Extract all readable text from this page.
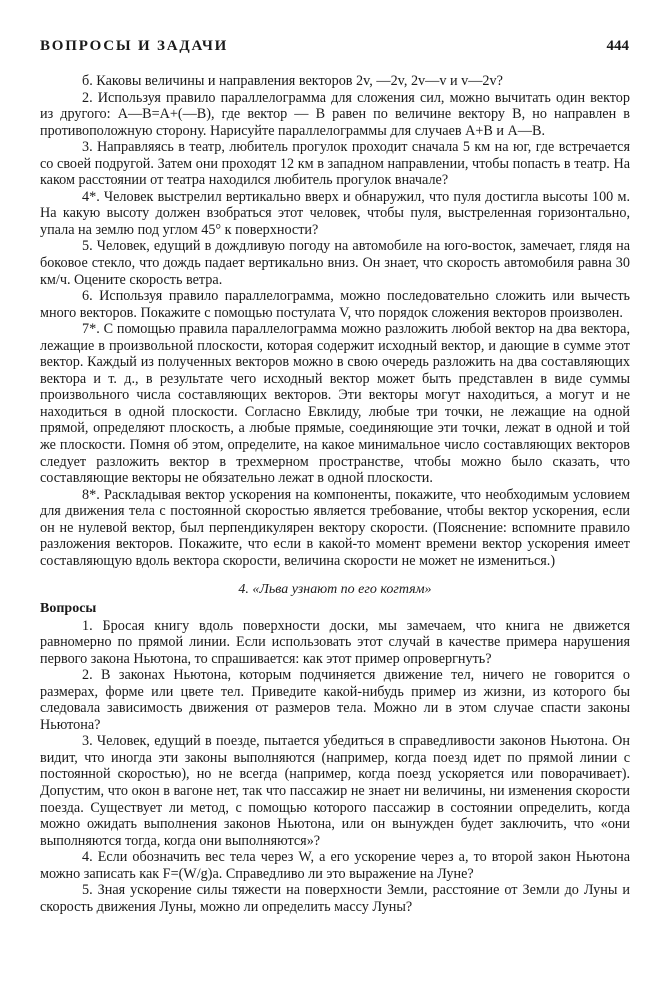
ВОПРОСЫ И ЗАДАЧИ	444

б. Каковы величины и направления векторов 2v, —2v, 2v—v и v—2v?

2. Используя правило параллелограмма для сложения сил, можно вычитать один вектор из другого: A—B=A+(—B), где вектор — B равен по величине вектору B, но направлен в противоположную сторону. Нарисуйте параллелограммы для случаев A+B и A—B.

3. Направляясь в театр, любитель прогулок проходит сначала 5 км на юг, где встречается со своей подругой. Затем они проходят 12 км в западном направлении, чтобы попасть в театр. На каком расстоянии от театра находился любитель прогулок вначале?

4*. Человек выстрелил вертикально вверх и обнаружил, что пуля достигла высоты 100 м. На какую высоту должен взобраться этот человек, чтобы пуля, выстреленная горизонтально, упала на землю под углом 45° к поверхности?

5. Человек, едущий в дождливую погоду на автомобиле на юго-восток, замечает, глядя на боковое стекло, что дождь падает вертикально вниз. Он знает, что скорость автомобиля равна 30 км/ч. Оцените скорость ветра.

6. Используя правило параллелограмма, можно последовательно сложить или вычесть много векторов. Покажите с помощью постулата V, что порядок сложения векторов произволен.

7*. С помощью правила параллелограмма можно разложить любой вектор на два вектора, лежащие в произвольной плоскости, которая содержит исходный вектор, и дающие в сумме этот вектор. Каждый из полученных векторов можно в свою очередь разложить на два составляющих вектора и т. д., в результате чего исходный вектор может быть представлен в виде суммы произвольного числа составляющих векторов. Эти векторы могут находиться, а могут и не находиться в одной плоскости. Согласно Евклиду, любые три точки, не лежащие на одной прямой, определяют плоскость, а любые прямые, соединяющие эти точки, лежат в одной и той же плоскости. Помня об этом, определите, на какое минимальное число составляющих векторов следует разложить вектор в трехмерном пространстве, чтобы можно было сказать, что составляющие векторы не обязательно лежат в одной плоскости.

8*. Раскладывая вектор ускорения на компоненты, покажите, что необходимым условием для движения тела с постоянной скоростью является требование, чтобы вектор ускорения, если он не нулевой вектор, был перпендикулярен вектору скорости. (Пояснение: вспомните правило разложения векторов. Покажите, что если в какой-то момент времени вектор ускорения имеет составляющую вдоль вектора скорости, величина скорости не может не измениться.)

4. «Льва узнают по его когтям»

Вопросы

1. Бросая книгу вдоль поверхности доски, мы замечаем, что книга не движется равномерно по прямой линии. Если использовать этот случай в качестве примера нарушения первого закона Ньютона, то спрашивается: как этот пример опровергнуть?

2. В законах Ньютона, которым подчиняется движение тел, ничего не говорится о размерах, форме или цвете тел. Приведите какой-нибудь пример из жизни, из которого бы следовала зависимость движения от размеров тела. Можно ли в этом случае спасти законы Ньютона?

3. Человек, едущий в поезде, пытается убедиться в справедливости законов Ньютона. Он видит, что иногда эти законы выполняются (например, когда поезд идет по прямой линии с постоянной скоростью), но не всегда (например, когда поезд ускоряется или поворачивает). Допустим, что окон в вагоне нет, так что пассажир не знает ни величины, ни изменения скорости поезда. Существует ли метод, с помощью которого пассажир в состоянии определить, когда можно ожидать выполнения законов Ньютона, или он вынужден будет заключить, что «они выполняются тогда, когда они выполняются»?

4. Если обозначить вес тела через W, а его ускорение через a, то второй закон Ньютона можно записать как F=(W/g)a. Справедливо ли это выражение на Луне?

5. Зная ускорение силы тяжести на поверхности Земли, расстояние от Земли до Луны и скорость движения Луны, можно ли определить массу Луны?
